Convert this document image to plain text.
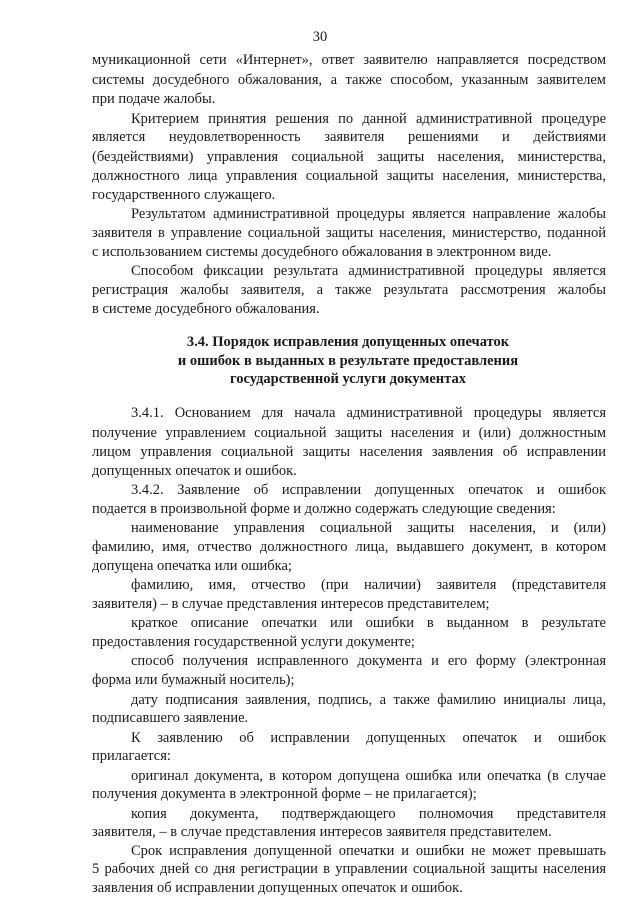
30
муникационной сети «Интернет», ответ заявителю направляется посредством
системы досудебного обжалования, а также способом, указанным заявителем
при подаче жалобы.
Критерием принятия решения по данной административной процедуре
является неудовлетворенность заявителя решениями и действиями
(бездействиями) управления социальной защиты населения, министерства,
должностного лица управления социальной защиты населения, министерства,
государственного служащего.
Результатом административной процедуры является направление жалобы
заявителя в управление социальной защиты населения, министерство, поданной
с использованием системы досудебного обжалования в электронном виде.
Способом фиксации результата административной процедуры является
регистрация жалобы заявителя, а также результата рассмотрения жалобы
в системе досудебного обжалования.
3.4. Порядок исправления допущенных опечаток
и ошибок в выданных в результате предоставления
государственной услуги документах
3.4.1. Основанием для начала административной процедуры является
получение управлением социальной защиты населения и (или) должностным
лицом управления социальной защиты населения заявления об исправлении
допущенных опечаток и ошибок.
3.4.2. Заявление об исправлении допущенных опечаток и ошибок
подается в произвольной форме и должно содержать следующие сведения:
наименование управления социальной защиты населения, и (или)
фамилию, имя, отчество должностного лица, выдавшего документ, в котором
допущена опечатка или ошибка;
фамилию, имя, отчество (при наличии) заявителя (представителя
заявителя) – в случае представления интересов представителем;
краткое описание опечатки или ошибки в выданном в результате
предоставления государственной услуги документе;
способ получения исправленного документа и его форму (электронная
форма или бумажный носитель);
дату подписания заявления, подпись, а также фамилию инициалы лица,
подписавшего заявление.
К заявлению об исправлении допущенных опечаток и ошибок
прилагается:
оригинал документа, в котором допущена ошибка или опечатка (в случае
получения документа в электронной форме – не прилагается);
копия документа, подтверждающего полномочия представителя
заявителя, – в случае представления интересов заявителя представителем.
Срок исправления допущенной опечатки и ошибки не может превышать
5 рабочих дней со дня регистрации в управлении социальной защиты населения
заявления об исправлении допущенных опечаток и ошибок.
